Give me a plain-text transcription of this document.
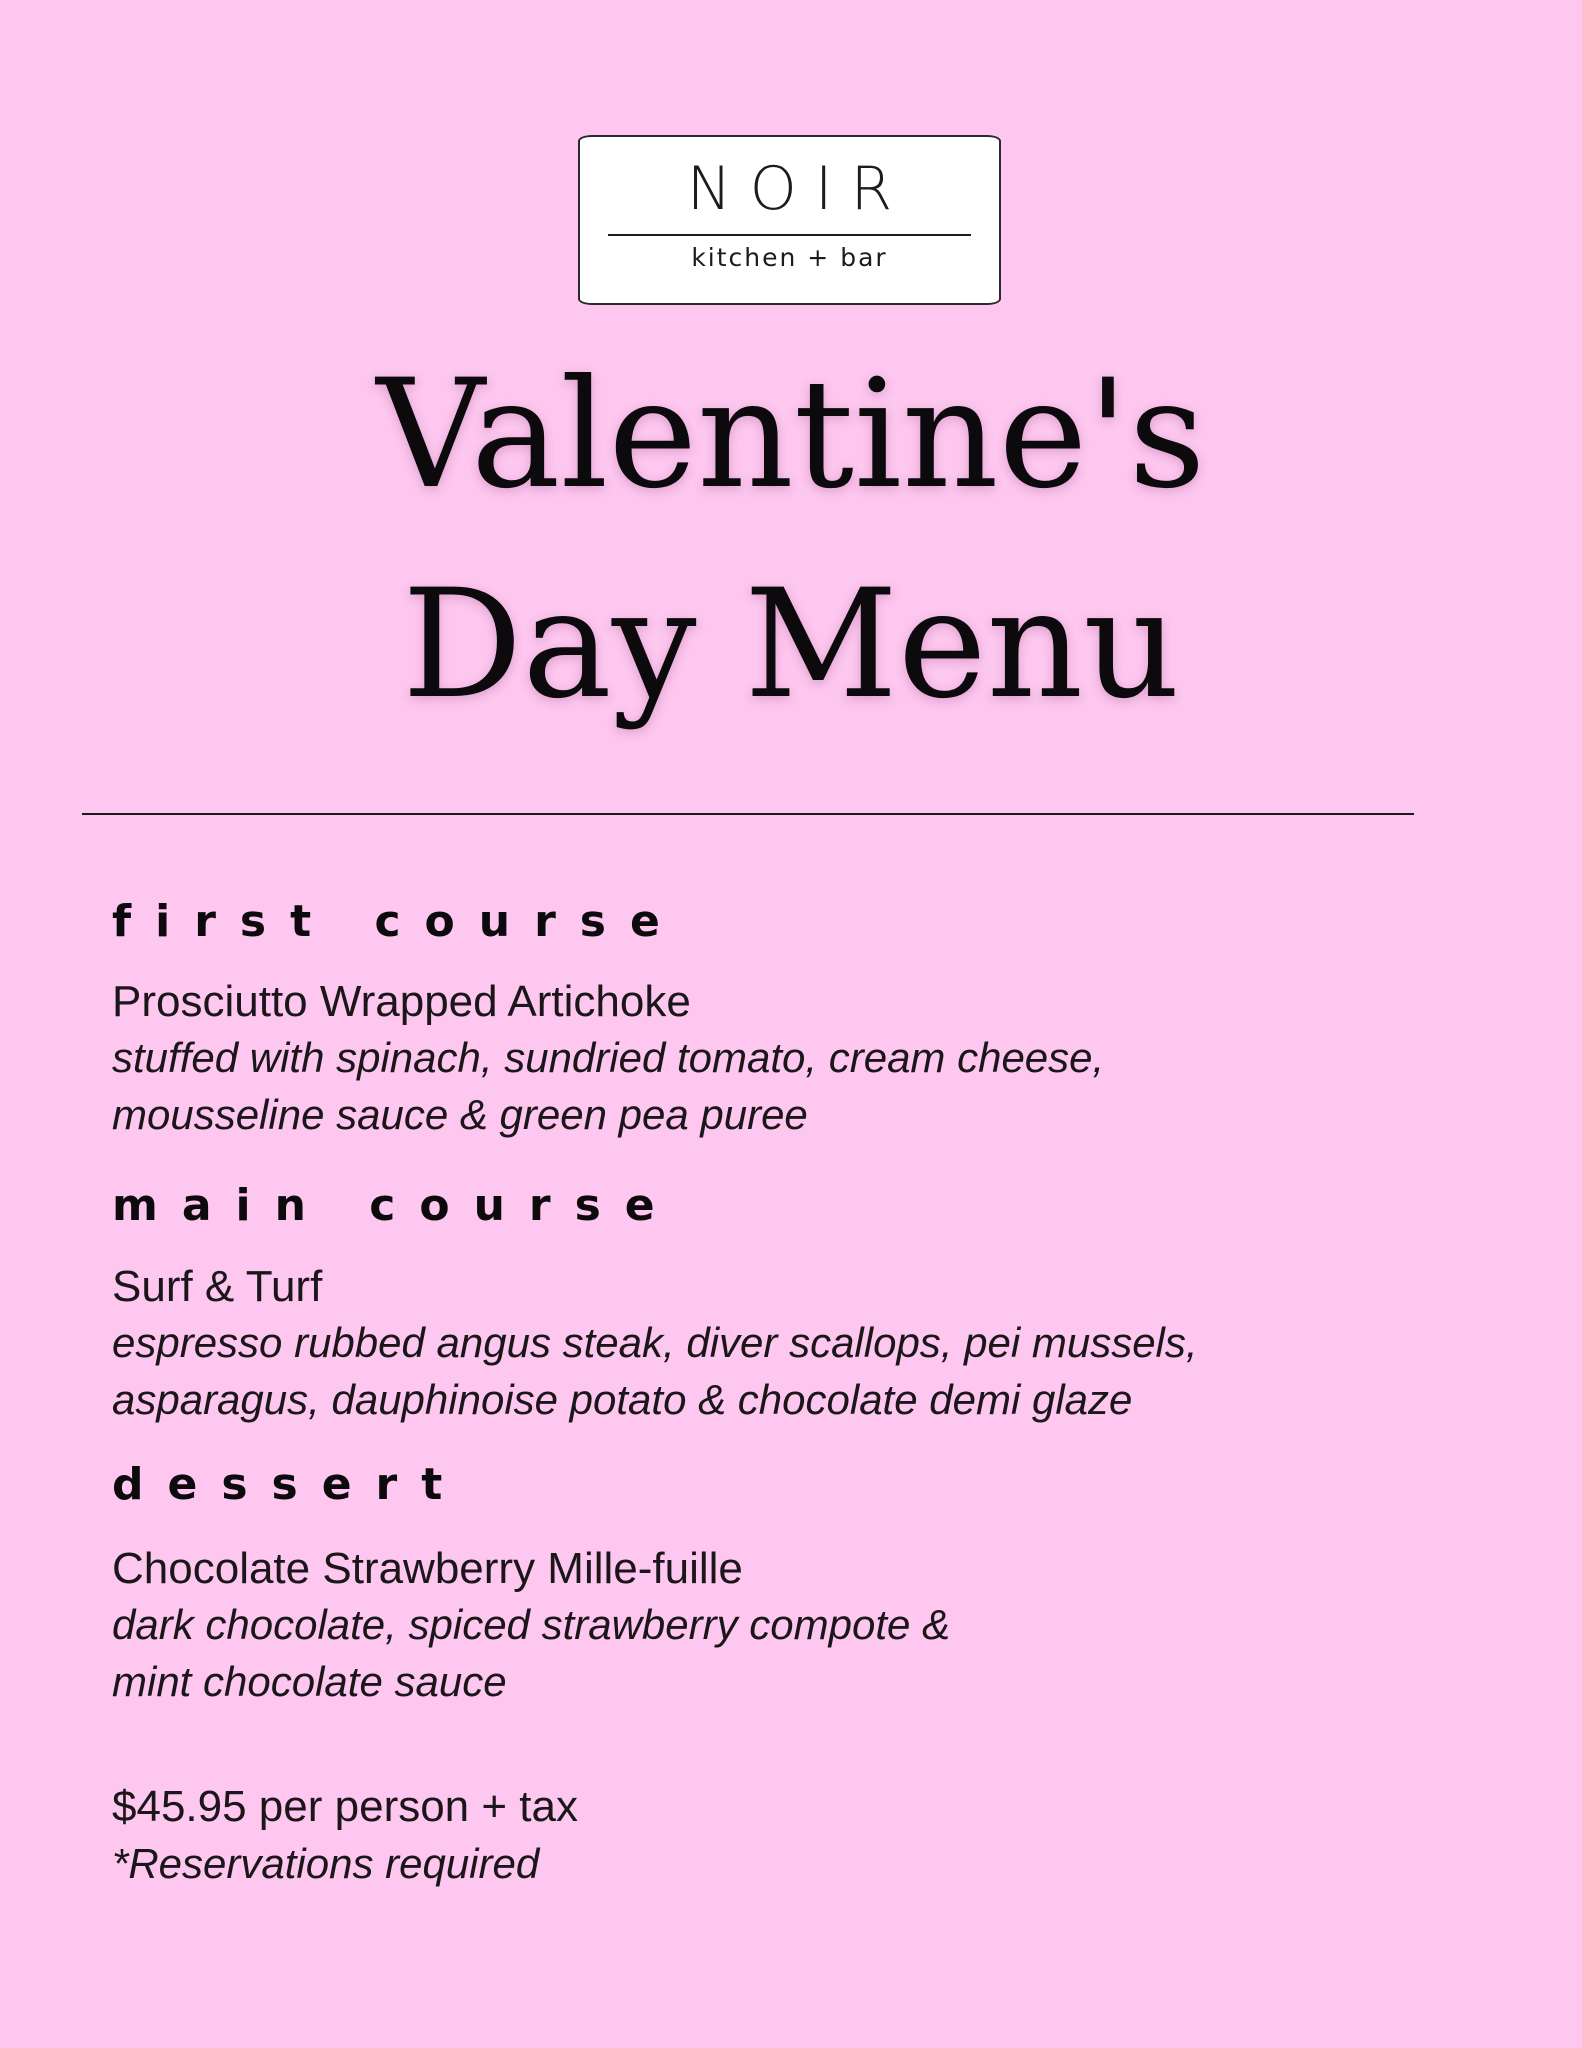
NOIR
kitchen + bar
Valentine's
Day Menu
first course
Prosciutto Wrapped Artichoke
stuffed with spinach, sundried tomato, cream cheese,
mousseline sauce & green pea puree
main course
Surf & Turf
espresso rubbed angus steak, diver scallops, pei mussels,
asparagus, dauphinoise potato & chocolate demi glaze
dessert
Chocolate Strawberry Mille-fuille
dark chocolate, spiced strawberry compote &
mint chocolate sauce
$45.95 per person + tax
*Reservations required
